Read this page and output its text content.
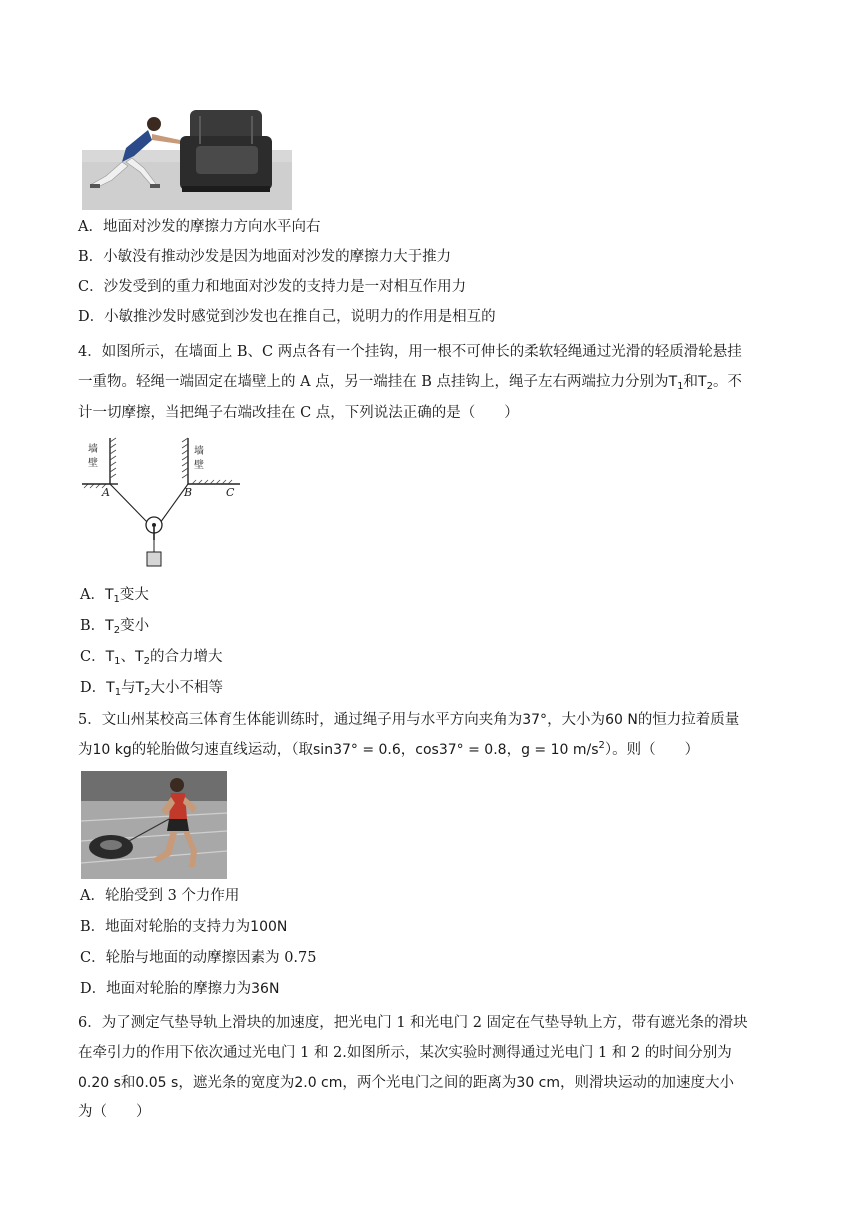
A．地面对沙发的摩擦力方向水平向右
B．小敏没有推动沙发是因为地面对沙发的摩擦力大于推力
C．沙发受到的重力和地面对沙发的支持力是一对相互作用力
D．小敏推沙发时感觉到沙发也在推自己，说明力的作用是相互的
4．如图所示，在墙面上 B、C 两点各有一个挂钩，用一根不可伸长的柔软轻绳通过光滑的轻质滑轮悬挂
一重物。轻绳一端固定在墙壁上的 A 点，另一端挂在 B 点挂钩上，绳子左右两端拉力分别为$T_1$和$T_2$。不
计一切摩擦，当把绳子右端改挂在 C 点，下列说法正确的是（　　）
墙
壁
墙
壁
A	B	C
A．$T_1$变大
B．$T_2$变小
C．$T_1$、$T_2$的合力增大
D．$T_1$与$T_2$大小不相等
5．文山州某校高三体育生体能训练时，通过绳子用与水平方向夹角为37°，大小为60 N的恒力拉着质量
为10 kg的轮胎做匀速直线运动，（取sin37° = 0.6，cos37° = 0.8，g = 10 $m/s^2$）。则（　　）
A．轮胎受到 3 个力作用
B．地面对轮胎的支持力为100N
C．轮胎与地面的动摩擦因素为 0.75
D．地面对轮胎的摩擦力为36N
6．为了测定气垫导轨上滑块的加速度，把光电门 1 和光电门 2 固定在气垫导轨上方，带有遮光条的滑块
在牵引力的作用下依次通过光电门 1 和 2.如图所示，某次实验时测得通过光电门 1 和 2 的时间分别为
0.20 s和0.05 s，遮光条的宽度为2.0 cm，两个光电门之间的距离为30 cm，则滑块运动的加速度大小
为（　　）
